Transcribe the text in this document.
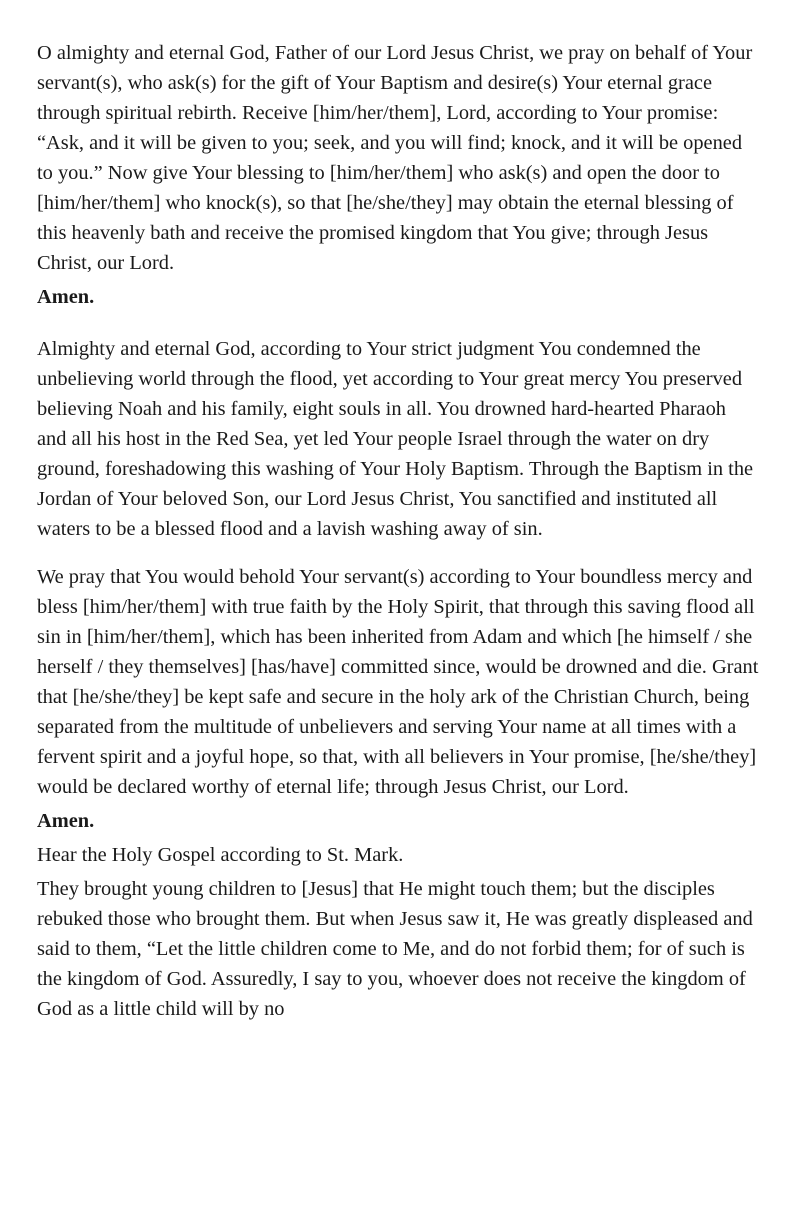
O almighty and eternal God, Father of our Lord Jesus Christ, we pray on behalf of Your servant(s), who ask(s) for the gift of Your Baptism and desire(s) Your eternal grace through spiritual rebirth. Receive [him/her/them], Lord, according to Your promise: “Ask, and it will be given to you; seek, and you will find; knock, and it will be opened to you.” Now give Your blessing to [him/her/them] who ask(s) and open the door to [him/her/them] who knock(s), so that [he/she/they] may obtain the eternal blessing of this heavenly bath and receive the promised kingdom that You give; through Jesus Christ, our Lord.

Amen.

Almighty and eternal God, according to Your strict judgment You condemned the unbelieving world through the flood, yet according to Your great mercy You preserved believing Noah and his family, eight souls in all. You drowned hard-hearted Pharaoh and all his host in the Red Sea, yet led Your people Israel through the water on dry ground, foreshadowing this washing of Your Holy Baptism. Through the Baptism in the Jordan of Your beloved Son, our Lord Jesus Christ, You sanctified and instituted all waters to be a blessed flood and a lavish washing away of sin.

We pray that You would behold Your servant(s) according to Your boundless mercy and bless [him/her/them] with true faith by the Holy Spirit, that through this saving flood all sin in [him/her/them], which has been inherited from Adam and which [he himself / she herself / they themselves] [has/have] committed since, would be drowned and die. Grant that [he/she/they] be kept safe and secure in the holy ark of the Christian Church, being separated from the multitude of unbelievers and serving Your name at all times with a fervent spirit and a joyful hope, so that, with all believers in Your promise, [he/she/they] would be declared worthy of eternal life; through Jesus Christ, our Lord.

Amen.

Hear the Holy Gospel according to St. Mark.

They brought young children to [Jesus] that He might touch them; but the disciples rebuked those who brought them. But when Jesus saw it, He was greatly displeased and said to them, “Let the little children come to Me, and do not forbid them; for of such is the kingdom of God. Assuredly, I say to you, whoever does not receive the kingdom of God as a little child will by no
